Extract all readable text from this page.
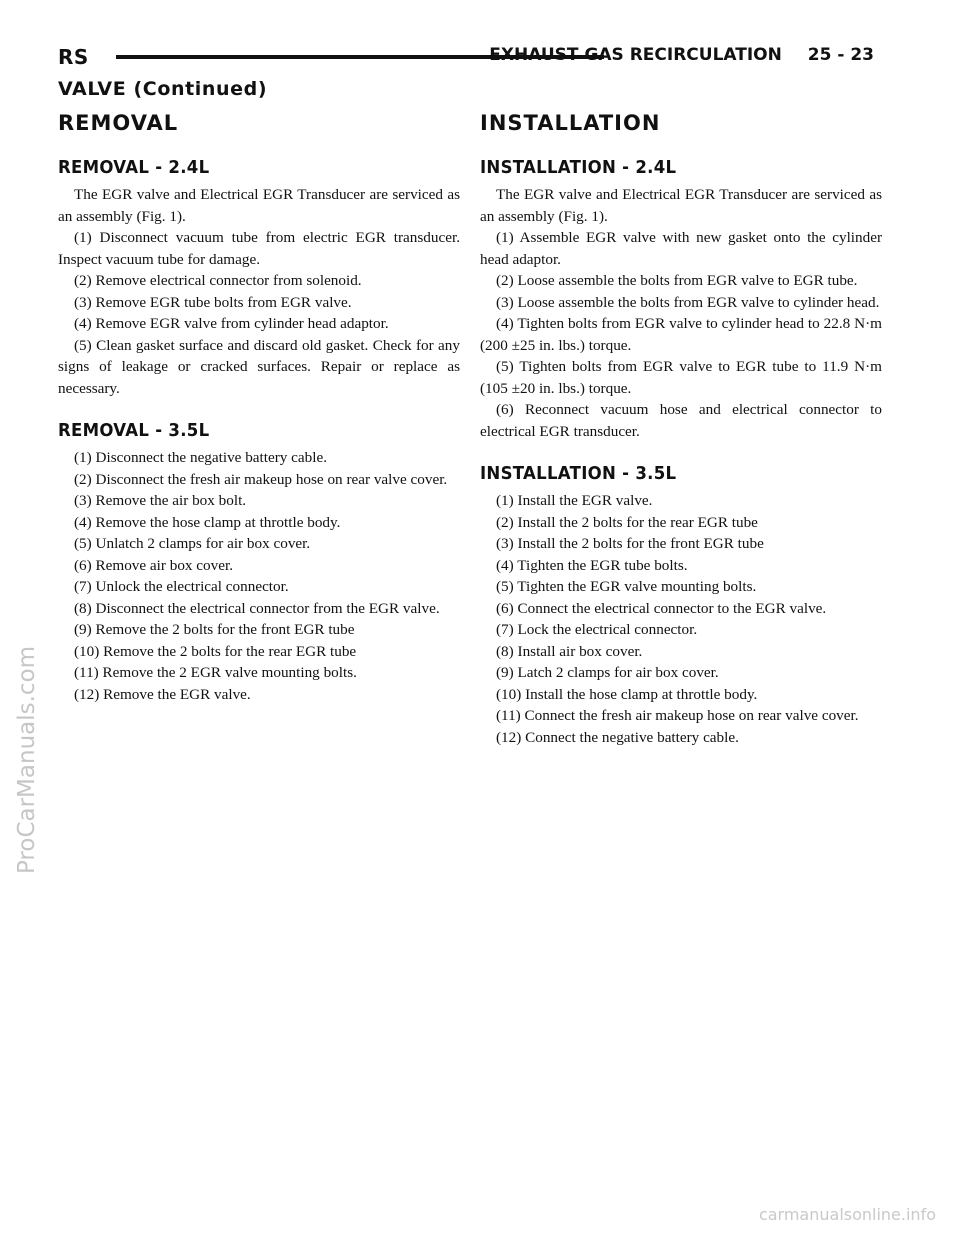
RS	EXHAUST GAS RECIRCULATION 25 - 23
VALVE (Continued)
REMOVAL
REMOVAL - 2.4L

The EGR valve and Electrical EGR Transducer are serviced as an assembly (Fig. 1).

(1) Disconnect vacuum tube from electric EGR transducer. Inspect vacuum tube for damage.

(2) Remove electrical connector from solenoid.

(3) Remove EGR tube bolts from EGR valve.

(4) Remove EGR valve from cylinder head adaptor.

(5) Clean gasket surface and discard old gasket. Check for any signs of leakage or cracked surfaces. Repair or replace as necessary.

REMOVAL - 3.5L

(1) Disconnect the negative battery cable.

(2) Disconnect the fresh air makeup hose on rear valve cover.

(3) Remove the air box bolt.

(4) Remove the hose clamp at throttle body.

(5) Unlatch 2 clamps for air box cover.

(6) Remove air box cover.

(7) Unlock the electrical connector.

(8) Disconnect the electrical connector from the EGR valve.

(9) Remove the 2 bolts for the front EGR tube

(10) Remove the 2 bolts for the rear EGR tube

(11) Remove the 2 EGR valve mounting bolts.

(12) Remove the EGR valve.

INSTALLATION
INSTALLATION - 2.4L

The EGR valve and Electrical EGR Transducer are serviced as an assembly (Fig. 1).

(1) Assemble EGR valve with new gasket onto the cylinder head adaptor.

(2) Loose assemble the bolts from EGR valve to EGR tube.

(3) Loose assemble the bolts from EGR valve to cylinder head.

(4) Tighten bolts from EGR valve to cylinder head to 22.8 N·m (200 ±25 in. lbs.) torque.

(5) Tighten bolts from EGR valve to EGR tube to 11.9 N·m (105 ±20 in. lbs.) torque.

(6) Reconnect vacuum hose and electrical connector to electrical EGR transducer.

INSTALLATION - 3.5L

(1) Install the EGR valve.

(2) Install the 2 bolts for the rear EGR tube

(3) Install the 2 bolts for the front EGR tube

(4) Tighten the EGR tube bolts.

(5) Tighten the EGR valve mounting bolts.

(6) Connect the electrical connector to the EGR valve.

(7) Lock the electrical connector.

(8) Install air box cover.

(9) Latch 2 clamps for air box cover.

(10) Install the hose clamp at throttle body.

(11) Connect the fresh air makeup hose on rear valve cover.

(12) Connect the negative battery cable.

ProCarManuals.com
carmanualsonline.info
